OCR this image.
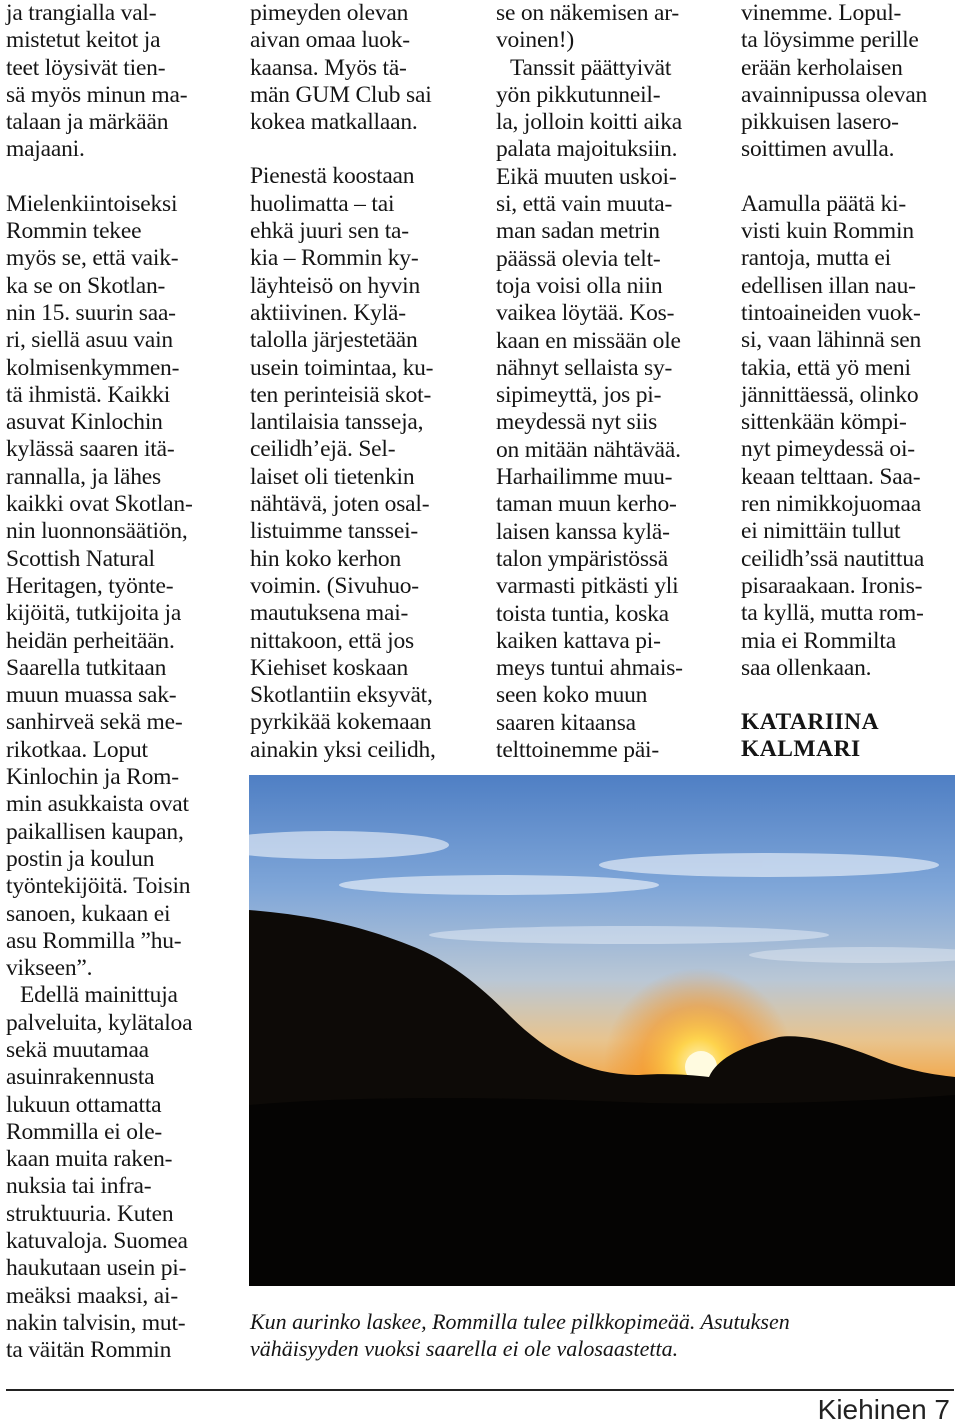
ja trangialla val-
mistetut keitot ja
teet löysivät tien-
sä myös minun ma-
talaan ja märkään
majaani.

Mielenkiintoiseksi Rommin tekee
myös se, että vaik-
ka se on Skotlan-
nin 15. suurin saa-
ri, siellä asuu vain
kolmisenkymmen-
tä ihmistä. Kaikki
asuvat Kinlochin
kylässä saaren itä-
rannalla, ja lähes
kaikki ovat Skotlan-
nin luonnonsäätiön, Scottish Natural
Heritagen, työnte-
kijöitä, tutkijoita ja
heidän perheitään.
Saarella tutkitaan
muun muassa sak-
sanhirveä sekä me-
rikotkaa. Loput
Kinlochin ja Rom-
min asukkaista ovat
paikallisen kaupan,
postin ja koulun
työntekijöitä. Toisin
sanoen, kukaan ei
asu Rommilla ”hu-
vikseen”.

Edellä mainittuja
palveluita, kylätaloa sekä muutamaa
asuinrakennusta
lukuun ottamatta
Rommilla ei ole-
kaan muita raken-
nuksia tai infra-
struktuuria. Kuten
katuvaloja. Suomea
haukutaan usein pi-
meäksi maaksi, ai-
nakin talvisin, mut-
ta väitän Rommin

pimeyden olevan
aivan omaa luok-
kaansa. Myös tä-
män GUM Club sai
kokea matkallaan.

Pienestä koostaan
huolimatta – tai
ehkä juuri sen ta-
kia – Rommin ky-
läyhteisö on hyvin
aktiivinen. Kylä-
talolla järjestetään
usein toimintaa, ku-
ten perinteisiä skot-
lantilaisia tansseja,
ceilidh’ejä. Sel-
laiset oli tietenkin
nähtävä, joten osal-
listuimme tanssei-
hin koko kerhon
voimin. (Sivuhuo-
mautuksena mai-
nittakoon, että jos
Kiehiset koskaan
Skotlantiin eksyvät,
pyrkikää kokemaan
ainakin yksi ceilidh,

se on näkemisen ar-
voinen!)

Tanssit päättyivät
yön pikkutunneil-
la, jolloin koitti aika
palata majoituksiin.
Eikä muuten uskoi-
si, että vain muuta-
man sadan metrin
päässä olevia telt-
toja voisi olla niin
vaikea löytää. Kos-
kaan en missään ole
nähnyt sellaista sy-
sipimeyttä, jos pi-
meydessä nyt siis
on mitään nähtävää.
Harhailimme muu-
taman muun kerho-
laisen kanssa kylä-
talon ympäristössä
varmasti pitkästi yli
toista tuntia, koska
kaiken kattava pi-
meys tuntui ahmais-
seen koko muun
saaren kitaansa
telttoinemme päi-

vinemme. Lopul-
ta löysimme perille
erään kerholaisen
avainnipussa olevan
pikkuisen lasero-
soittimen avulla.

Aamulla päätä ki-
visti kuin Rommin
rantoja, mutta ei
edellisen illan nau-
tintoaineiden vuok-
si, vaan lähinnä sen
takia, että yö meni
jännittäessä, olinko
sittenkään kömpi-
nyt pimeydessä oi-
keaan telttaan. Saa-
ren nimikkojuomaa
ei nimittäin tullut
ceilidh’ssä nautittua
pisaraakaan. Ironis-
ta kyllä, mutta rom-
mia ei Rommilta
saa ollenkaan.

KATARIINA
KALMARI

Kun aurinko laskee, Rommilla tulee pilkkopimeää. Asutuksen
vähäisyyden vuoksi saarella ei ole valosaastetta.

Kiehinen 7
